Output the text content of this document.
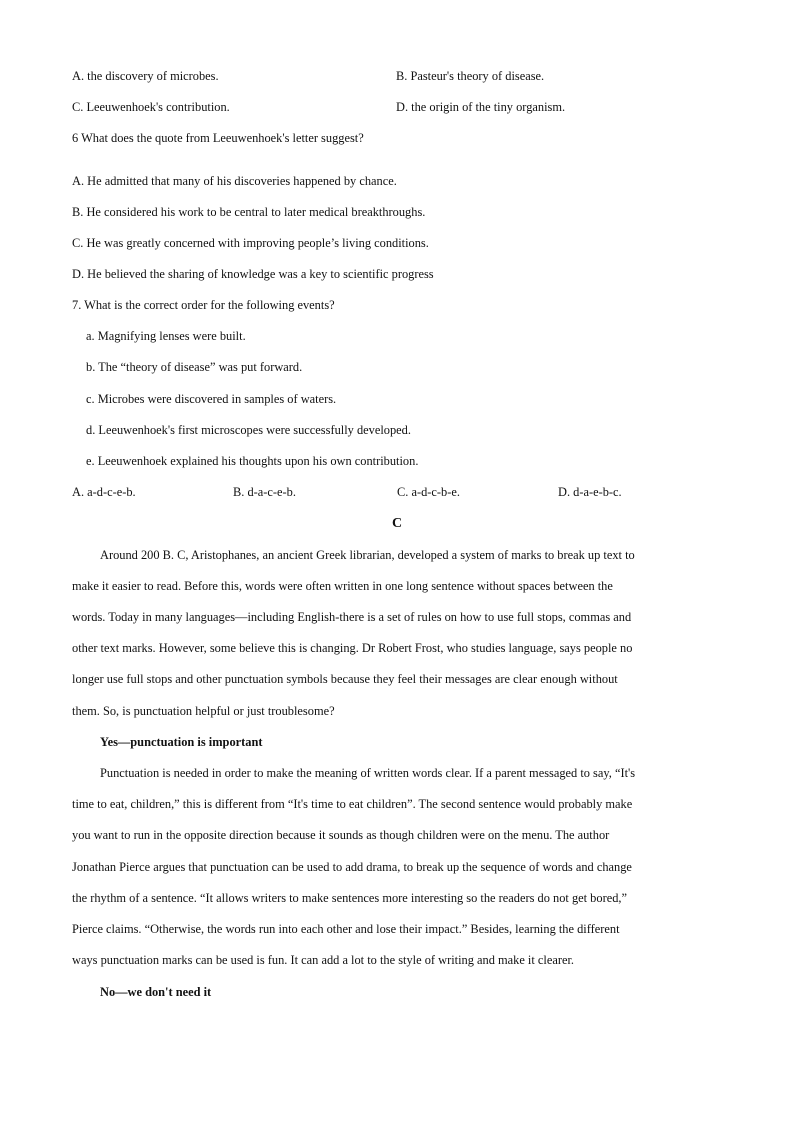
A. the discovery of microbes.	B. Pasteur's theory of disease.
C. Leeuwenhoek's contribution.	D. the origin of the tiny organism.
6 What does the quote from Leeuwenhoek's letter suggest?
A. He admitted that many of his discoveries happened by chance.
B. He considered his work to be central to later medical breakthroughs.
C. He was greatly concerned with improving people’s living conditions.
D. He believed the sharing of knowledge was a key to scientific progress
7. What is the correct order for the following events?
a. Magnifying lenses were built.
b. The “theory of disease” was put forward.
c. Microbes were discovered in samples of waters.
d. Leeuwenhoek's first microscopes were successfully developed.
e. Leeuwenhoek explained his thoughts upon his own contribution.
A. a-d-c-e-b.	B. d-a-c-e-b.	C. a-d-c-b-e.	D. d-a-e-b-c.
C
Around 200 B. C, Aristophanes, an ancient Greek librarian, developed a system of marks to break up text to
make it easier to read. Before this, words were often written in one long sentence without spaces between the
words. Today in many languages—including English-there is a set of rules on how to use full stops, commas and
other text marks. However, some believe this is changing. Dr Robert Frost, who studies language, says people no
longer use full stops and other punctuation symbols because they feel their messages are clear enough without
them. So, is punctuation helpful or just troublesome?
Yes—punctuation is important
Punctuation is needed in order to make the meaning of written words clear. If a parent messaged to say, “It's
time to eat, children,” this is different from “It's time to eat children”. The second sentence would probably make
you want to run in the opposite direction because it sounds as though children were on the menu. The author
Jonathan Pierce argues that punctuation can be used to add drama, to break up the sequence of words and change
the rhythm of a sentence. “It allows writers to make sentences more interesting so the readers do not get bored,”
Pierce claims. “Otherwise, the words run into each other and lose their impact.” Besides, learning the different
ways punctuation marks can be used is fun. It can add a lot to the style of writing and make it clearer.
No—we don't need it
